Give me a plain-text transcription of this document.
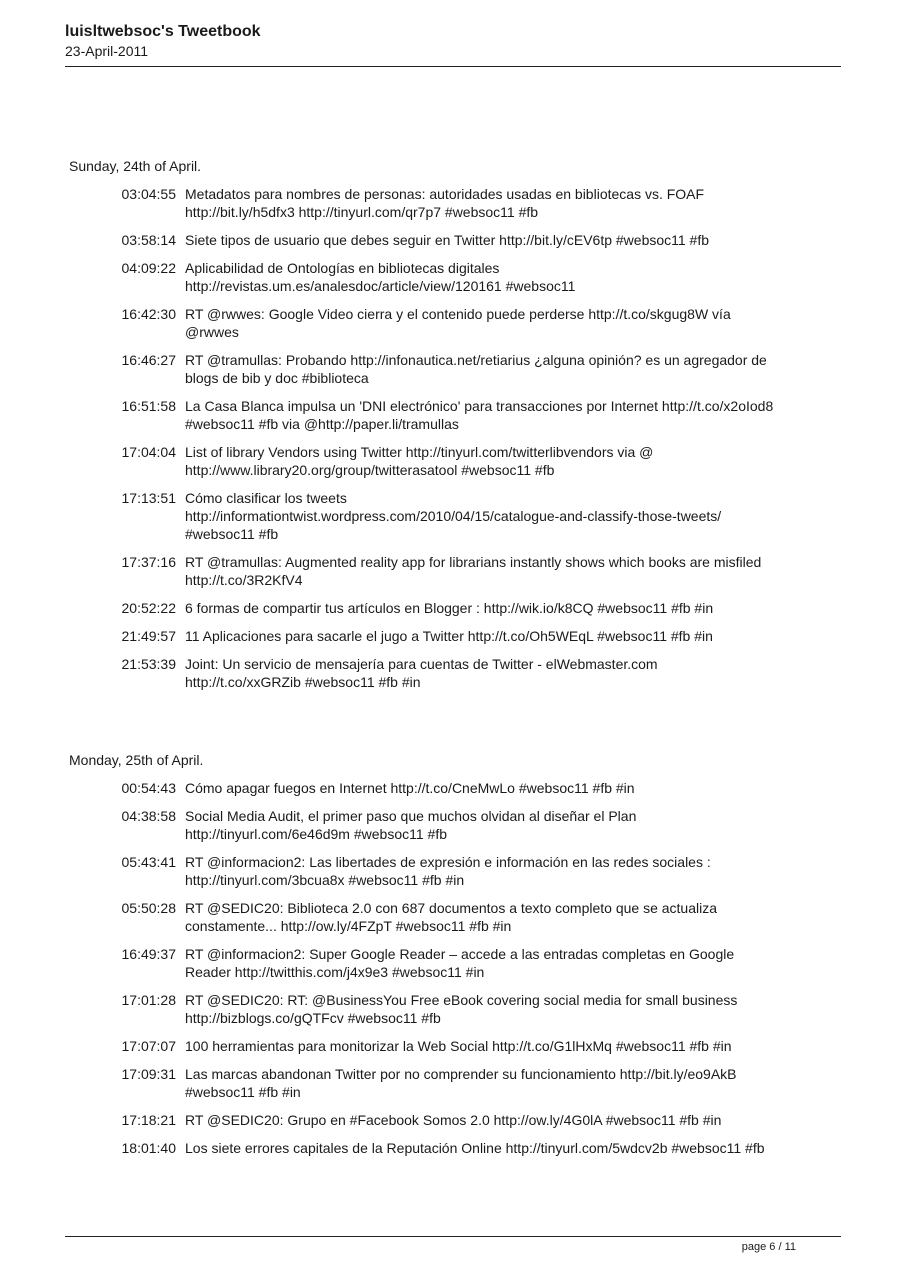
luisltwebsoc's Tweetbook
23-April-2011
Sunday, 24th of April.
03:04:55 Metadatos para nombres de personas: autoridades usadas en bibliotecas vs. FOAF
http://bit.ly/h5dfx3 http://tinyurl.com/qr7p7 #websoc11 #fb
03:58:14 Siete tipos de usuario que debes seguir en Twitter http://bit.ly/cEV6tp #websoc11 #fb
04:09:22 Aplicabilidad de Ontologías en bibliotecas digitales
http://revistas.um.es/analesdoc/article/view/120161 #websoc11
16:42:30 RT @rwwes: Google Video cierra y el contenido puede perderse http://t.co/skgug8W vía
@rwwes
16:46:27 RT @tramullas: Probando http://infonautica.net/retiarius ¿alguna opinión? es un agregador de
blogs de bib y doc #biblioteca
16:51:58 La Casa Blanca impulsa un 'DNI electrónico' para transacciones por Internet http://t.co/x2oIod8
#websoc11 #fb via @http://paper.li/tramullas
17:04:04 List of library Vendors using Twitter http://tinyurl.com/twitterlibvendors via @
http://www.library20.org/group/twitterasatool #websoc11 #fb
17:13:51 Cómo clasificar los tweets
http://informationtwist.wordpress.com/2010/04/15/catalogue-and-classify-those-tweets/
#websoc11 #fb
17:37:16 RT @tramullas: Augmented reality app for librarians instantly shows which books are misfiled
http://t.co/3R2KfV4
20:52:22 6 formas de compartir tus artículos en Blogger : http://wik.io/k8CQ #websoc11 #fb #in
21:49:57 11 Aplicaciones para sacarle el jugo a Twitter http://t.co/Oh5WEqL #websoc11 #fb #in
21:53:39 Joint: Un servicio de mensajería para cuentas de Twitter - elWebmaster.com
http://t.co/xxGRZib #websoc11 #fb #in
Monday, 25th of April.
00:54:43 Cómo apagar fuegos en Internet http://t.co/CneMwLo #websoc11 #fb #in
04:38:58 Social Media Audit, el primer paso que muchos olvidan al diseñar el Plan
http://tinyurl.com/6e46d9m #websoc11 #fb
05:43:41 RT @informacion2: Las libertades de expresión e información en las redes sociales :
http://tinyurl.com/3bcua8x #websoc11 #fb #in
05:50:28 RT @SEDIC20: Biblioteca 2.0 con 687 documentos a texto completo que se actualiza
constamente... http://ow.ly/4FZpT #websoc11 #fb #in
16:49:37 RT @informacion2: Super Google Reader – accede a las entradas completas en Google
Reader http://twitthis.com/j4x9e3 #websoc11 #in
17:01:28 RT @SEDIC20: RT: @BusinessYou Free eBook covering social media for small business
http://bizblogs.co/gQTFcv #websoc11 #fb
17:07:07 100 herramientas para monitorizar la Web Social http://t.co/G1lHxMq #websoc11 #fb #in
17:09:31 Las marcas abandonan Twitter por no comprender su funcionamiento http://bit.ly/eo9AkB
#websoc11 #fb #in
17:18:21 RT @SEDIC20: Grupo en #Facebook Somos 2.0 http://ow.ly/4G0lA #websoc11 #fb #in
18:01:40 Los siete errores capitales de la Reputación Online http://tinyurl.com/5wdcv2b #websoc11 #fb
page 6 / 11
